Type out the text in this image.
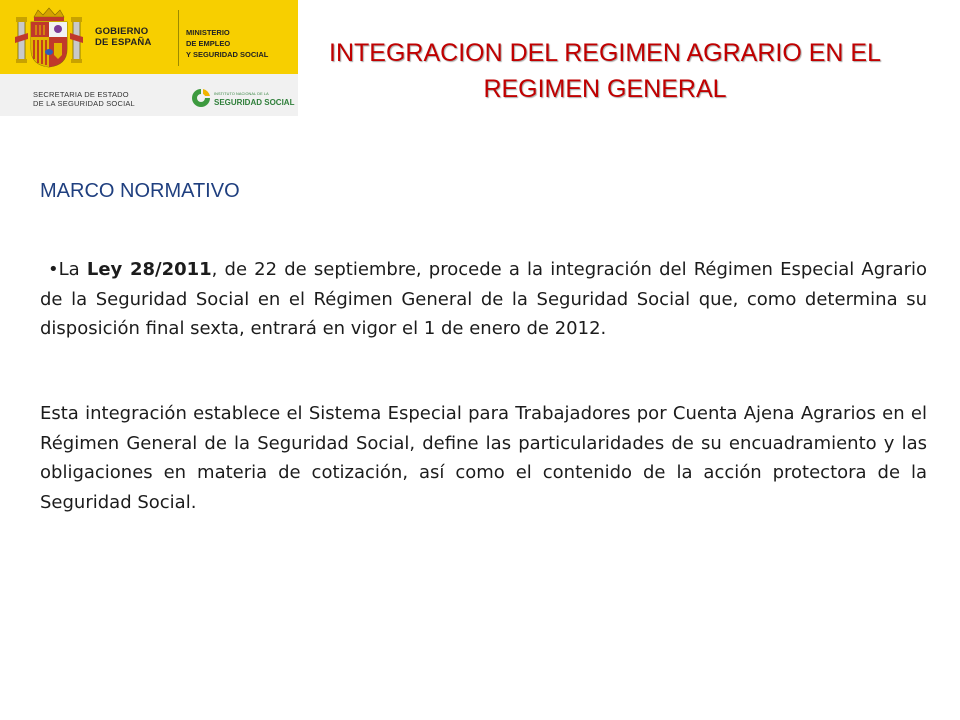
GOBIERNO
DE ESPAÑA
MINISTERIO
DE EMPLEO
Y SEGURIDAD SOCIAL
SECRETARIA DE ESTADO
DE LA SEGURIDAD SOCIAL
INSTITUTO NACIONAL DE LA
SEGURIDAD SOCIAL
INTEGRACION DEL REGIMEN AGRARIO EN EL
REGIMEN GENERAL
MARCO NORMATIVO
•La Ley 28/2011, de 22 de septiembre, procede a la integración del Régimen Especial Agrario de la Seguridad Social en el Régimen General de la Seguridad Social que, como determina su disposición final sexta, entrará en vigor el 1 de enero de 2012.
Esta integración establece el Sistema Especial para Trabajadores por Cuenta Ajena Agrarios en el Régimen General de la Seguridad Social, define las particularidades de su encuadramiento y las obligaciones en materia de cotización, así como el contenido de la acción protectora de la Seguridad Social.
